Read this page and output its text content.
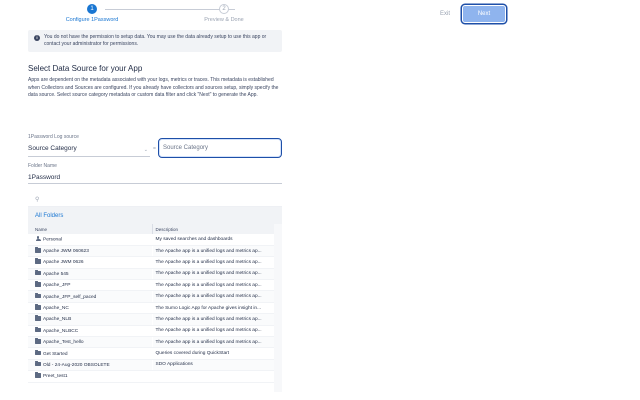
1
Configure 1Password
2
Preview & Done
Exit	Next
i	You do not have the permission to setup data. You may use the data already setup to use this app or contact your administrator for permissions.
Select Data Source for your App
Apps are dependent on the metadata associated with your logs, metrics or traces. This metadata is established when Collectors and Sources are configured. If you already have collectors and sources setup, simply specify the data source. Select source category metadata or custom data filter and click "Next" to generate the App.
1Password Log source
Source Category	⌄ = Source Category
Folder Name
1Password
⚲
All Folders
Name	Description	
Personal	My saved searches and dashboards	
Apache JWM 060623	The Apache app is a unified logs and metrics ap...	
Apache JWM 0626	The Apache app is a unified logs and metrics ap...	
Apache 545	The Apache app is a unified logs and metrics ap...	
Apache_JFP	The Apache app is a unified logs and metrics ap...	
Apache_JFP_self_paced	The Apache app is a unified logs and metrics ap...	
Apache_NC	The Sumo Logic App for Apache gives insight in...	
Apache_NLB	The Apache app is a unified logs and metrics ap...	
Apache_NLBCC	The Apache app is a unified logs and metrics ap...	
Apache_Test_hello	The Apache app is a unified logs and metrics ap...	
Get Started	Queries covered during QuickStart	
Old - 24-Aug-2020 OBSOLETE	SDO Applications	
Preet_test1		
